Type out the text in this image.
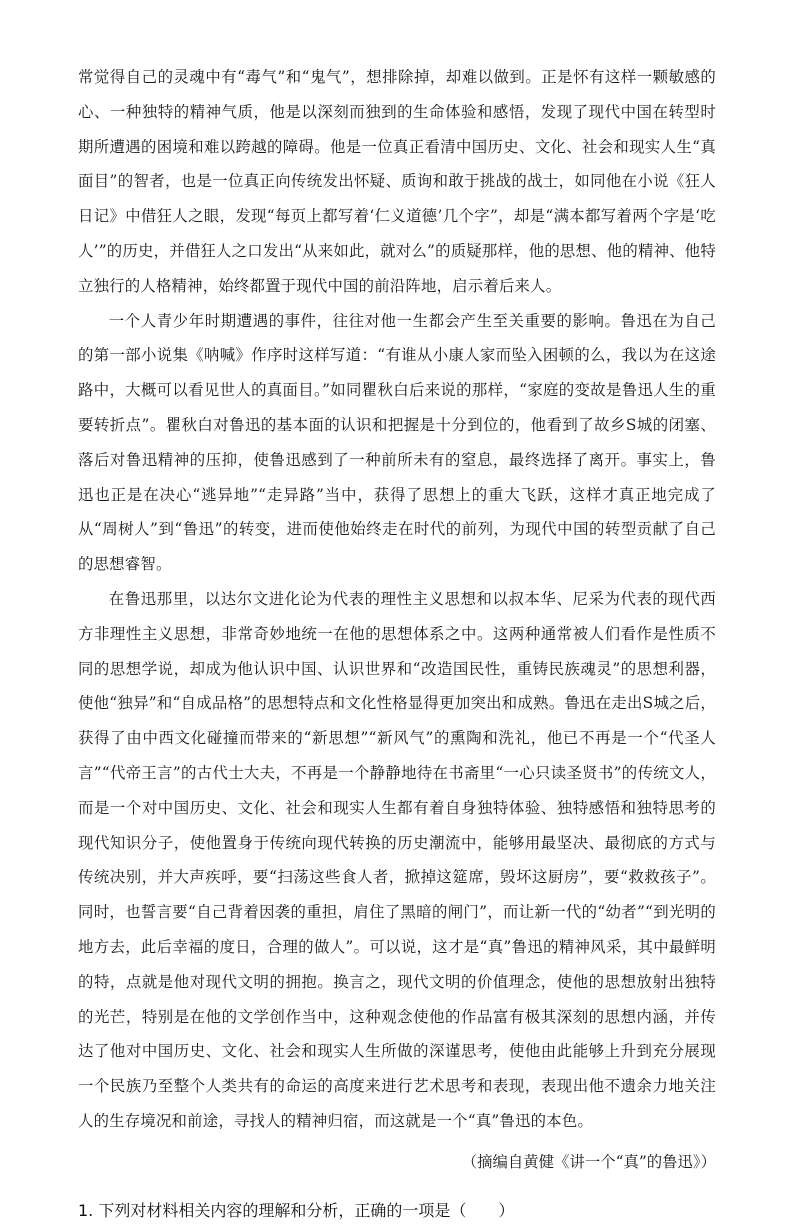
常觉得自己的灵魂中有“毒气”和“鬼气”，想排除掉，却难以做到。正是怀有这样一颗敏感的心、一种独特的精神气质，他是以深刻而独到的生命体验和感悟，发现了现代中国在转型时期所遭遇的困境和难以跨越的障碍。他是一位真正看清中国历史、文化、社会和现实人生“真面目”的智者，也是一位真正向传统发出怀疑、质询和敢于挑战的战士，如同他在小说《狂人日记》中借狂人之眼，发现“每页上都写着‘仁义道德’几个字”，却是“满本都写着两个字是‘吃人’”的历史，并借狂人之口发出“从来如此，就对么”的质疑那样，他的思想、他的精神、他特立独行的人格精神，始终都置于现代中国的前沿阵地，启示着后来人。

一个人青少年时期遭遇的事件，往往对他一生都会产生至关重要的影响。鲁迅在为自己的第一部小说集《呐喊》作序时这样写道：“有谁从小康人家而坠入困顿的么，我以为在这途路中，大概可以看见世人的真面目。”如同瞿秋白后来说的那样，“家庭的变故是鲁迅人生的重要转折点”。瞿秋白对鲁迅的基本面的认识和把握是十分到位的，他看到了故乡S城的闭塞、落后对鲁迅精神的压抑，使鲁迅感到了一种前所未有的窒息，最终选择了离开。事实上，鲁迅也正是在决心“逃异地”“走异路”当中，获得了思想上的重大飞跃，这样才真正地完成了从“周树人”到“鲁迅”的转变，进而使他始终走在时代的前列，为现代中国的转型贡献了自己的思想睿智。

在鲁迅那里，以达尔文进化论为代表的理性主义思想和以叔本华、尼采为代表的现代西方非理性主义思想，非常奇妙地统一在他的思想体系之中。这两种通常被人们看作是性质不同的思想学说，却成为他认识中国、认识世界和“改造国民性，重铸民族魂灵”的思想利器，使他“独异”和“自成品格”的思想特点和文化性格显得更加突出和成熟。鲁迅在走出S城之后，获得了由中西文化碰撞而带来的“新思想”“新风气”的熏陶和洗礼，他已不再是一个“代圣人言”“代帝王言”的古代士大夫，不再是一个静静地待在书斋里“一心只读圣贤书”的传统文人，而是一个对中国历史、文化、社会和现实人生都有着自身独特体验、独特感悟和独特思考的现代知识分子，使他置身于传统向现代转换的历史潮流中，能够用最坚决、最彻底的方式与传统决别，并大声疾呼，要“扫荡这些食人者，掀掉这筵席，毁坏这厨房”，要“救救孩子”。同时，也誓言要“自己背着因袭的重担，肩住了黑暗的闸门”，而让新一代的“幼者”“到光明的地方去，此后幸福的度日，合理的做人”。可以说，这才是“真”鲁迅的精神风采，其中最鲜明的特，点就是他对现代文明的拥抱。换言之，现代文明的价值理念，使他的思想放射出独特的光芒，特别是在他的文学创作当中，这种观念使他的作品富有极其深刻的思想内涵，并传达了他对中国历史、文化、社会和现实人生所做的深谨思考，使他由此能够上升到充分展现一个民族乃至整个人类共有的命运的高度来进行艺术思考和表现，表现出他不遗余力地关注人的生存境况和前途，寻找人的精神归宿，而这就是一个“真”鲁迅的本色。

（摘编自黄健《讲一个“真”的鲁迅》）

1. 下列对材料相关内容的理解和分析，正确的一项是（　　）
